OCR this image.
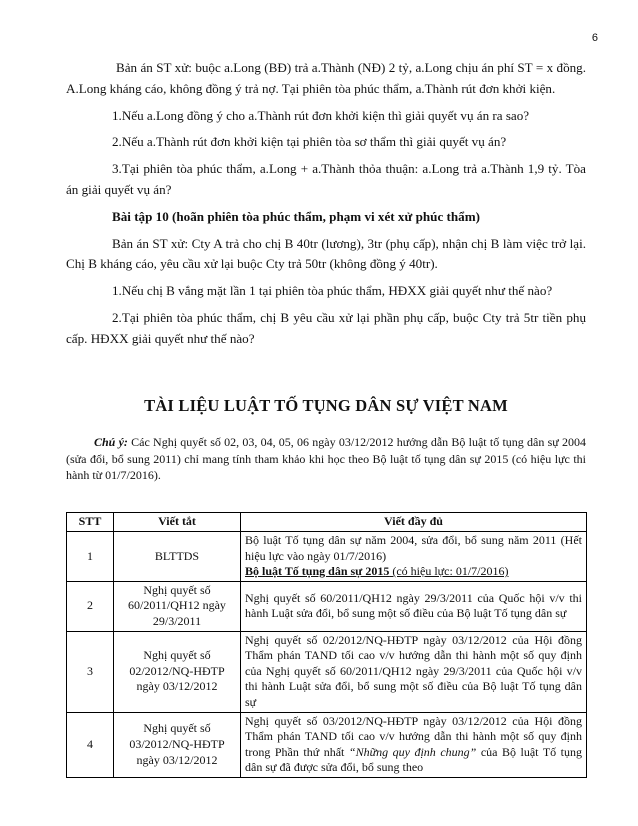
6

Bản án ST xử: buộc a.Long (BĐ) trả a.Thành (NĐ) 2 tỷ, a.Long chịu án phí ST = x đồng. A.Long kháng cáo, không đồng ý trả nợ. Tại phiên tòa phúc thẩm, a.Thành rút đơn khởi kiện.

1.Nếu a.Long đồng ý cho a.Thành rút đơn khởi kiện thì giải quyết vụ án ra sao?

2.Nếu a.Thành rút đơn khởi kiện tại phiên tòa sơ thẩm thì giải quyết vụ án?

3.Tại phiên tòa phúc thẩm, a.Long + a.Thành thỏa thuận: a.Long trả a.Thành 1,9 tỷ. Tòa án giải quyết vụ án?

Bài tập 10 (hoãn phiên tòa phúc thẩm, phạm vi xét xử phúc thẩm)

Bản án ST xử: Cty A trả cho chị B 40tr (lương), 3tr (phụ cấp), nhận chị B làm việc trở lại. Chị B kháng cáo, yêu cầu xử lại buộc Cty trả 50tr (không đồng ý 40tr).

1.Nếu chị B vắng mặt lần 1 tại phiên tòa phúc thẩm, HĐXX giải quyết như thế nào?

2.Tại phiên tòa phúc thẩm, chị B yêu cầu xử lại phần phụ cấp, buộc Cty trả 5tr tiền phụ cấp. HĐXX giải quyết như thế nào?

TÀI LIỆU LUẬT TỐ TỤNG DÂN SỰ VIỆT NAM

Chú ý: Các Nghị quyết số 02, 03, 04, 05, 06 ngày 03/12/2012 hướng dẫn Bộ luật tố tụng dân sự 2004 (sửa đổi, bổ sung 2011) chỉ mang tính tham khảo khi học theo Bộ luật tố tụng dân sự 2015 (có hiệu lực thi hành từ 01/7/2016).

STT	Viết tắt	Viết đầy đủ
1	BLTTDS	Bộ luật Tố tụng dân sự năm 2004, sửa đổi, bổ sung năm 2011 (Hết hiệu lực vào ngày 01/7/2016)
Bộ luật Tố tụng dân sự 2015 (có hiệu lực: 01/7/2016)
2	Nghị quyết số 60/2011/QH12 ngày 29/3/2011	Nghị quyết số 60/2011/QH12 ngày 29/3/2011 của Quốc hội v/v thi hành Luật sửa đổi, bổ sung một số điều của Bộ luật Tố tụng dân sự
3	Nghị quyết số 02/2012/NQ-HĐTP ngày 03/12/2012	Nghị quyết số 02/2012/NQ-HĐTP ngày 03/12/2012 của Hội đồng Thẩm phán TAND tối cao v/v hướng dẫn thi hành một số quy định của Nghị quyết số 60/2011/QH12 ngày 29/3/2011 của Quốc hội v/v thi hành Luật sửa đổi, bổ sung một số điều của Bộ luật Tố tụng dân sự
4	Nghị quyết số 03/2012/NQ-HĐTP ngày 03/12/2012	Nghị quyết số 03/2012/NQ-HĐTP ngày 03/12/2012 của Hội đồng Thẩm phán TAND tối cao v/v hướng dẫn thi hành một số quy định trong Phần thứ nhất “Những quy định chung” của Bộ luật Tố tụng dân sự đã được sửa đổi, bổ sung theo
